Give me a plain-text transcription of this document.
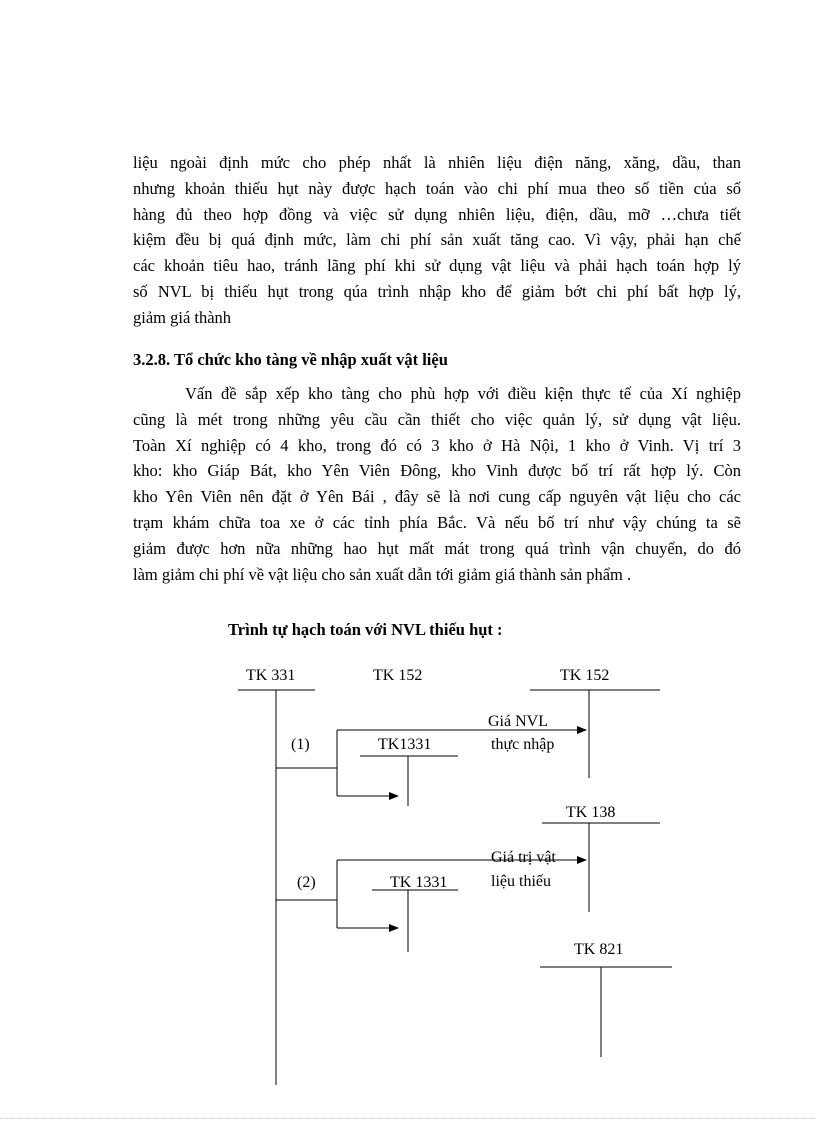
liệu ngoài định mức cho phép nhất là nhiên liệu điện năng, xăng, dầu, than
nhưng khoản thiếu hụt này được hạch toán vào chi phí mua theo số tiền của số
hàng đủ theo hợp đồng và việc sử dụng nhiên liệu, điện, dầu, mỡ …chưa tiết
kiệm đều bị quá định mức, làm chi phí sản xuất tăng cao. Vì vậy, phải hạn chế
các khoản tiêu hao, tránh lãng phí khi sử dụng vật liệu và phải hạch toán hợp lý
số NVL bị thiếu hụt trong qúa trình nhập kho để giảm bớt chi phí bất hợp lý,
giảm giá thành

3.2.8. Tổ chức kho tàng về nhập xuất vật liệu

Vấn đề sắp xếp kho tàng cho phù hợp với điều kiện thực tế của Xí nghiệp
cũng là mét trong những yêu cầu cần thiết cho việc quản lý, sử dụng vật liệu.
Toàn Xí nghiệp có 4 kho, trong đó có 3 kho ở Hà Nội, 1 kho ở Vinh. Vị trí 3
kho: kho Giáp Bát, kho Yên Viên Đông, kho Vinh được bố trí rất hợp lý. Còn
kho Yên Viên nên đặt ở Yên Bái , đây sẽ là nơi cung cấp nguyên vật liệu cho các
trạm khám chữa toa xe ở các tỉnh phía Bắc. Và nếu bố trí như vậy chúng ta sẽ
giảm được hơn nữa những hao hụt mất mát trong quá trình vận chuyển, do đó
làm giảm chi phí về vật liệu cho sản xuất dẫn tới giảm giá thành sản phẩm .

Trình tự hạch toán với NVL thiếu hụt :

TK 331	TK 152	TK 152
Giá NVL
(1)	TK1331	thực nhập
TK 138
Giá trị vật
(2)	TK 1331	liệu thiếu
TK 821
